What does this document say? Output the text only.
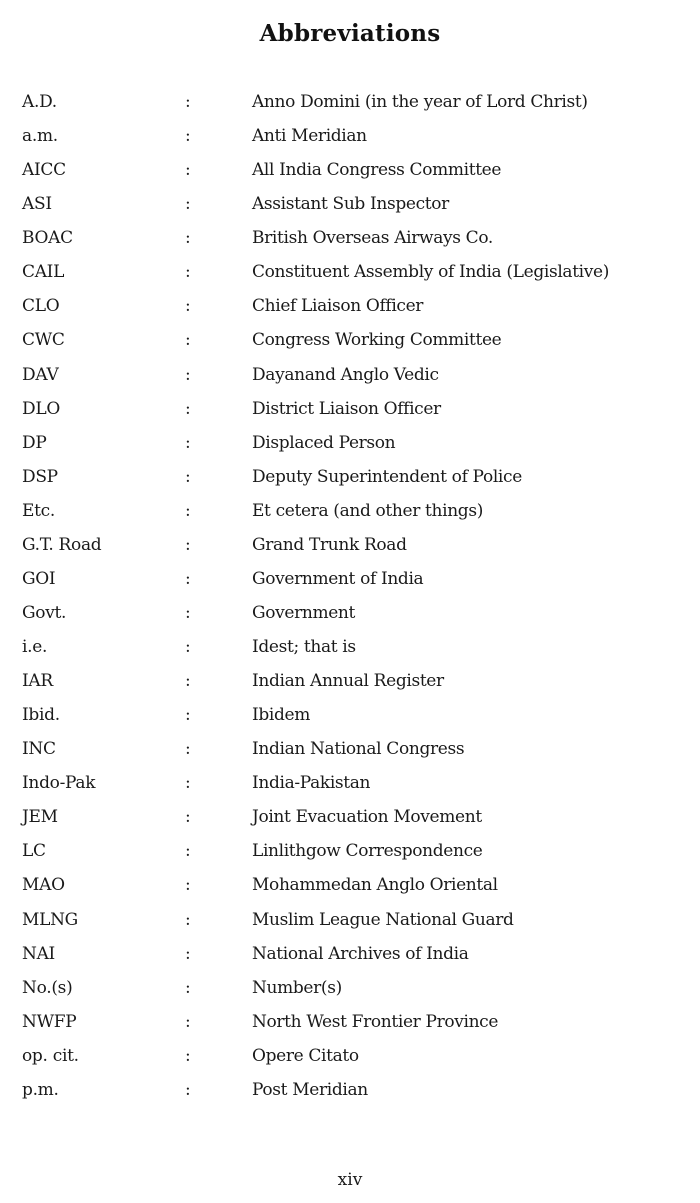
Abbreviations
A.D.	:	Anno Domini (in the year of Lord Christ)
a.m.	:	Anti Meridian
AICC	:	All India Congress Committee
ASI	:	Assistant Sub Inspector
BOAC	:	British Overseas Airways Co.
CAIL	:	Constituent Assembly of India (Legislative)
CLO	:	Chief Liaison Officer
CWC	:	Congress Working Committee
DAV	:	Dayanand Anglo Vedic
DLO	:	District Liaison Officer
DP	:	Displaced Person
DSP	:	Deputy Superintendent of Police
Etc.	:	Et cetera (and other things)
G.T. Road	:	Grand Trunk Road
GOI	:	Government of India
Govt.	:	Government
i.e.	:	Idest; that is
IAR	:	Indian Annual Register
Ibid.	:	Ibidem
INC	:	Indian National Congress
Indo-Pak	:	India-Pakistan
JEM	:	Joint Evacuation Movement
LC	:	Linlithgow Correspondence
MAO	:	Mohammedan Anglo Oriental
MLNG	:	Muslim League National Guard
NAI	:	National Archives of India
No.(s)	:	Number(s)
NWFP	:	North West Frontier Province
op. cit.	:	Opere Citato
p.m.	:	Post Meridian
xiv
